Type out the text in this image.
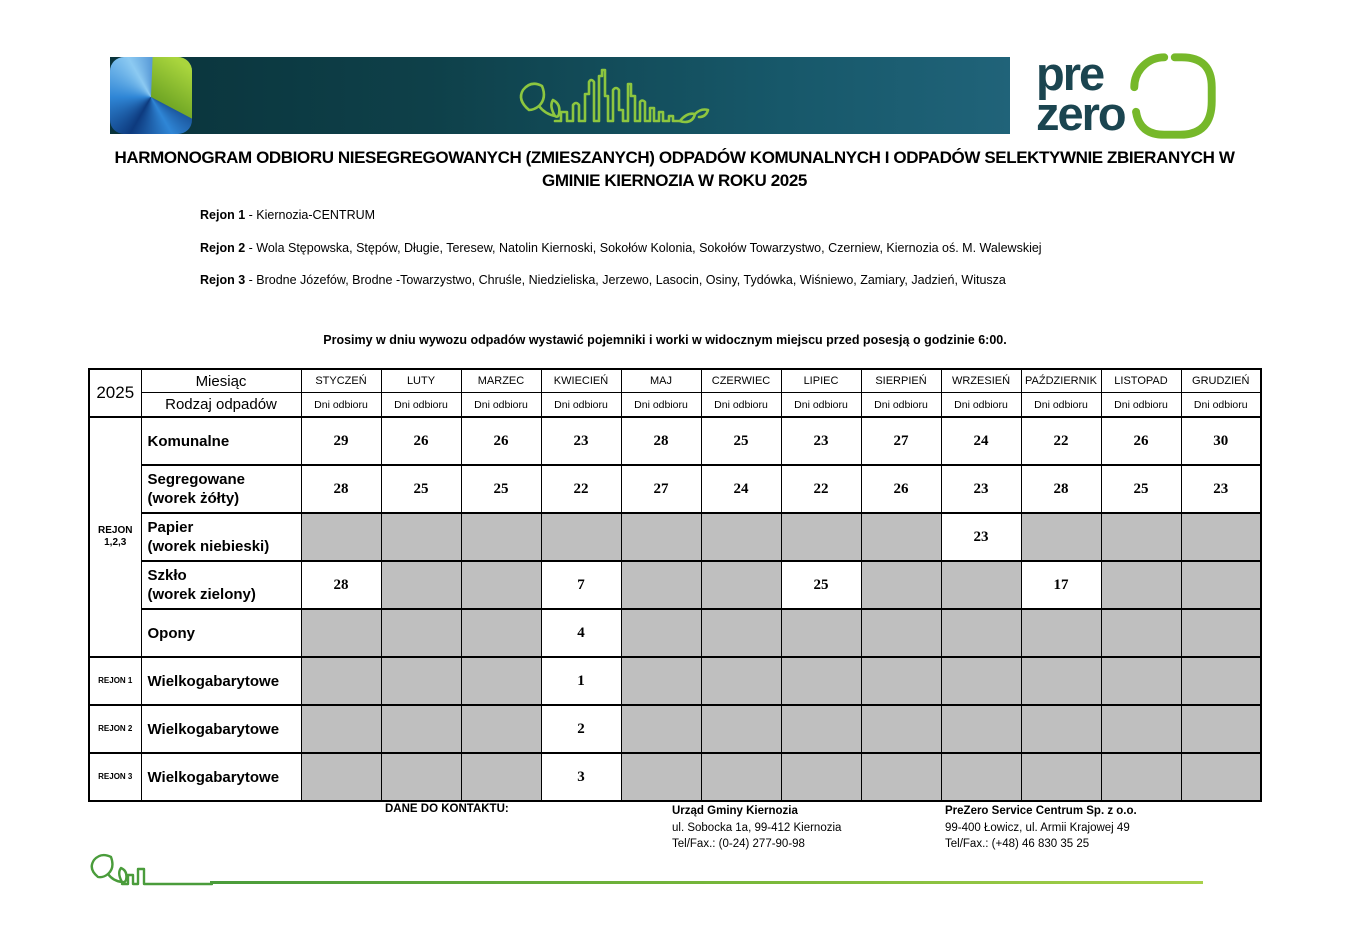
pre
zero
HARMONOGRAM ODBIORU NIESEGREGOWANYCH (ZMIESZANYCH) ODPADÓW KOMUNALNYCH I ODPADÓW SELEKTYWNIE ZBIERANYCH W GMINIE KIERNOZIA W ROKU 2025
Rejon 1 - Kiernozia-CENTRUM
Rejon 2 - Wola Stępowska, Stępów, Długie, Teresew, Natolin Kiernoski, Sokołów Kolonia, Sokołów Towarzystwo, Czerniew, Kiernozia oś. M. Walewskiej
Rejon 3 - Brodne Józefów, Brodne -Towarzystwo, Chruśle, Niedzieliska, Jerzewo, Lasocin, Osiny, Tydówka, Wiśniewo, Zamiary, Jadzień, Witusza
Prosimy w dniu wywozu odpadów wystawić pojemniki i worki w widocznym miejscu przed posesją o godzinie 6:00.
2025	Miesiąc	STYCZEŃ	LUTY	MARZEC	KWIECIEŃ	MAJ	CZERWIEC	LIPIEC	SIERPIEŃ	WRZESIEŃ	PAŹDZIERNIK	LISTOPAD	GRUDZIEŃ
	Rodzaj odpadów	Dni odbioru	Dni odbioru	Dni odbioru	Dni odbioru	Dni odbioru	Dni odbioru	Dni odbioru	Dni odbioru	Dni odbioru	Dni odbioru	Dni odbioru	Dni odbioru
REJON
1,2,3	Komunalne	29	26	26	23	28	25	23	27	24	22	26	30
	Segregowane
(worek żółty)	28	25	25	22	27	24	22	26	23	28	25	23
	Papier
(worek niebieski)									23			
	Szkło
(worek zielony)	28			7			25			17		
	Opony				4								
REJON 1	Wielkogabarytowe				1								
REJON 2	Wielkogabarytowe				2								
REJON 3	Wielkogabarytowe				3								
DANE DO KONTAKTU:	Urząd Gminy Kiernozia
ul. Sobocka 1a, 99-412 Kiernozia
Tel/Fax.: (0-24) 277-90-98
PreZero Service Centrum Sp. z o.o.
99-400 Łowicz, ul. Armii Krajowej 49
Tel/Fax.: (+48) 46 830 35 25
